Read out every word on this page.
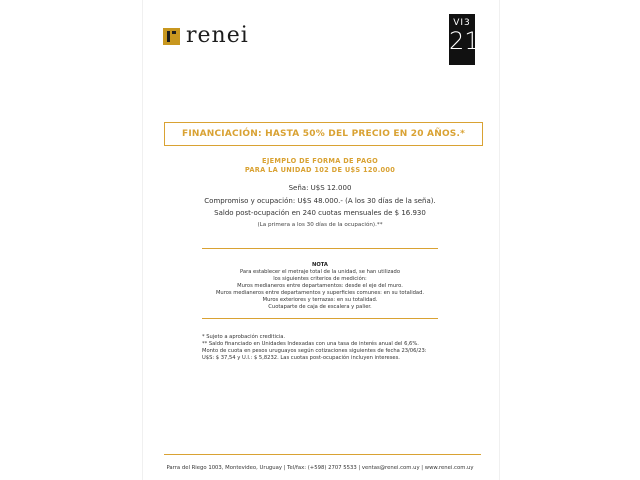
renei	VI3
21
FINANCIACIÓN: HASTA 50% DEL PRECIO EN 20 AÑOS.*
EJEMPLO DE FORMA DE PAGO
PARA LA UNIDAD 102 DE U$S 120.000
Seña: U$S 12.000
Compromiso y ocupación: U$S 48.000.- (A los 30 días de la seña).
Saldo post-ocupación en 240 cuotas mensuales de $ 16.930
(La primera a los 30 días de la ocupación).**
NOTA
Para establecer el metraje total de la unidad, se han utilizado
los siguientes criterios de medición:
Muros medianeros entre departamentos: desde el eje del muro.
Muros medianeros entre departamentos y superficies comunes: en su totalidad.
Muros exteriores y terrazas: en su totalidad.
Cuotaparte de caja de escalera y palier.
* Sujeto a aprobación crediticia.
** Saldo financiado en Unidades Indexadas con una tasa de interés anual del 6,6%.
Monto de cuota en pesos uruguayos según cotizaciones siguientes de fecha 23/06/23:
U$S: $ 37,54 y U.I.: $ 5,8232. Las cuotas post-ocupación incluyen intereses.
Parra del Riego 1003, Montevideo, Uruguay | Tel/fax: (+598) 2707 5533 | ventas@renei.com.uy | www.renei.com.uy
